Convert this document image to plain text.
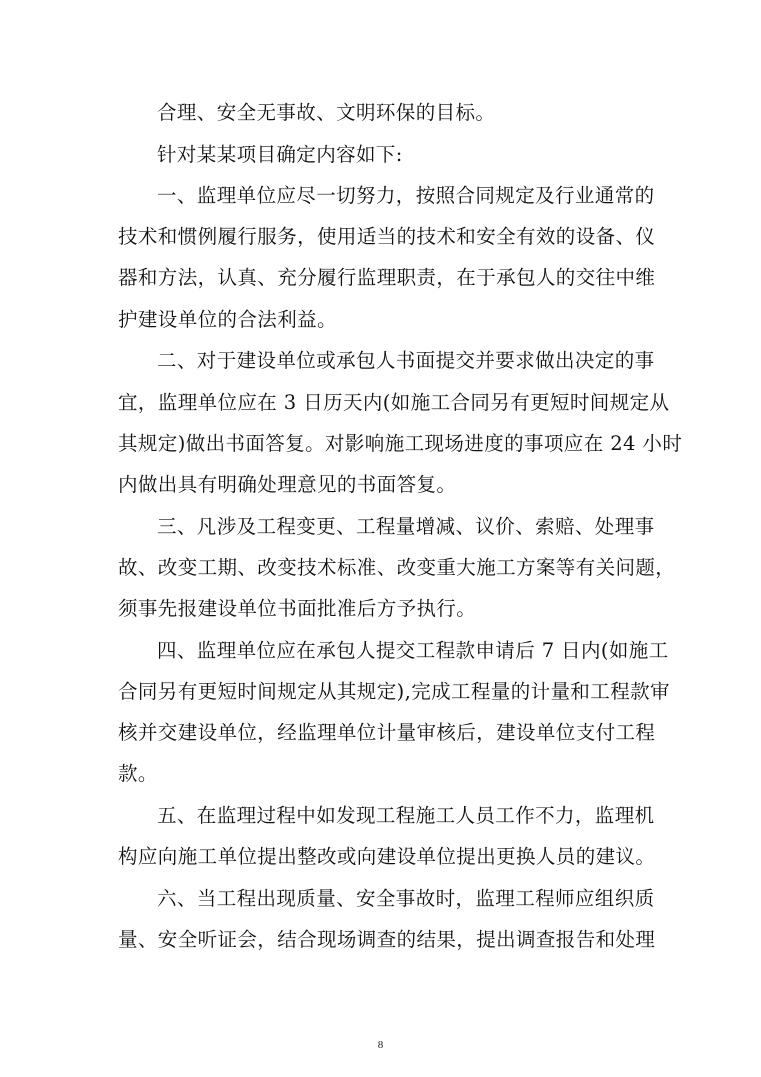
合理、安全无事故、文明环保的目标。
针对某某项目确定内容如下:
一、监理单位应尽一切努力，按照合同规定及行业通常的
技术和惯例履行服务，使用适当的技术和安全有效的设备、仪
器和方法，认真、充分履行监理职责，在于承包人的交往中维
护建设单位的合法利益。
二、对于建设单位或承包人书面提交并要求做出决定的事
宜，监理单位应在 3 日历天内(如施工合同另有更短时间规定从
其规定)做出书面答复。对影响施工现场进度的事项应在 24 小时
内做出具有明确处理意见的书面答复。
三、凡涉及工程变更、工程量增减、议价、索赔、处理事
故、改变工期、改变技术标准、改变重大施工方案等有关问题，
须事先报建设单位书面批准后方予执行。
四、监理单位应在承包人提交工程款申请后 7 日内(如施工
合同另有更短时间规定从其规定),完成工程量的计量和工程款审
核并交建设单位，经监理单位计量审核后，建设单位支付工程
款。
五、在监理过程中如发现工程施工人员工作不力，监理机
构应向施工单位提出整改或向建设单位提出更换人员的建议。
六、当工程出现质量、安全事故时，监理工程师应组织质
量、安全听证会，结合现场调查的结果，提出调查报告和处理
8
